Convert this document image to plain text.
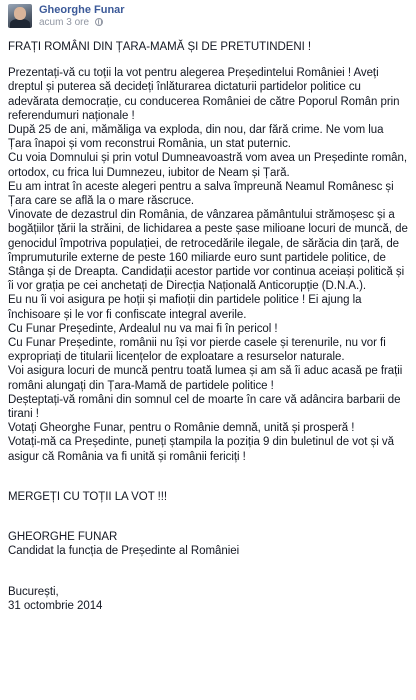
Gheorghe Funar
acum 3 ore

FRAȚI ROMÂNI DIN ȚARA-MAMĂ ȘI DE PRETUTINDENI !

Prezentați-vă cu toții la vot pentru alegerea Președintelui României ! Aveți dreptul și puterea să decideți înlăturarea dictaturii partidelor politice cu adevărata democrație, cu conducerea României de către Poporul Român prin referendumuri naționale !

După 25 de ani, mămăliga va exploda, din nou, dar fără crime. Ne vom lua Țara înapoi și vom reconstrui România, un stat puternic.

Cu voia Domnului și prin votul Dumneavoastră vom avea un Președinte român, ortodox, cu frica lui Dumnezeu, iubitor de Neam și Țară.

Eu am intrat în aceste alegeri pentru a salva împreună Neamul Românesc și Țara care se află la o mare răscruce.

Vinovate de dezastrul din România, de vânzarea pământului strămoșesc și a bogățiilor țării la străini, de lichidarea a peste șase milioane locuri de muncă, de genocidul împotriva populației, de retrocedările ilegale, de sărăcia din țară, de împrumuturile externe de peste 160 miliarde euro sunt partidele politice, de Stânga și de Dreapta. Candidații acestor partide vor continua aceiași politică și îi vor grația pe cei anchetați de Direcția Națională Anticorupție (D.N.A.).

Eu nu îi voi asigura pe hoții și mafioții din partidele politice ! Ei ajung la închisoare și le vor fi confiscate integral averile.

Cu Funar Președinte, Ardealul nu va mai fi în pericol !

Cu Funar Președinte, românii nu își vor pierde casele și terenurile, nu vor fi expropriați de titularii licențelor de exploatare a resurselor naturale.

Voi asigura locuri de muncă pentru toată lumea și am să îi aduc acasă pe frații români alungați din Țara-Mamă de partidele politice !

Deșteptați-vă români din somnul cel de moarte în care vă adâncira barbarii de tirani !

Votați Gheorghe Funar, pentru o Românie demnă, unită și prosperă !

Votați-mă ca Președinte, puneți ștampila la poziția 9 din buletinul de vot și vă asigur că România va fi unită și românii fericiți !

MERGEȚI CU TOȚII LA VOT !!!

GHEORGHE FUNAR

Candidat la funcția de Președinte al României

București,

31 octombrie 2014
